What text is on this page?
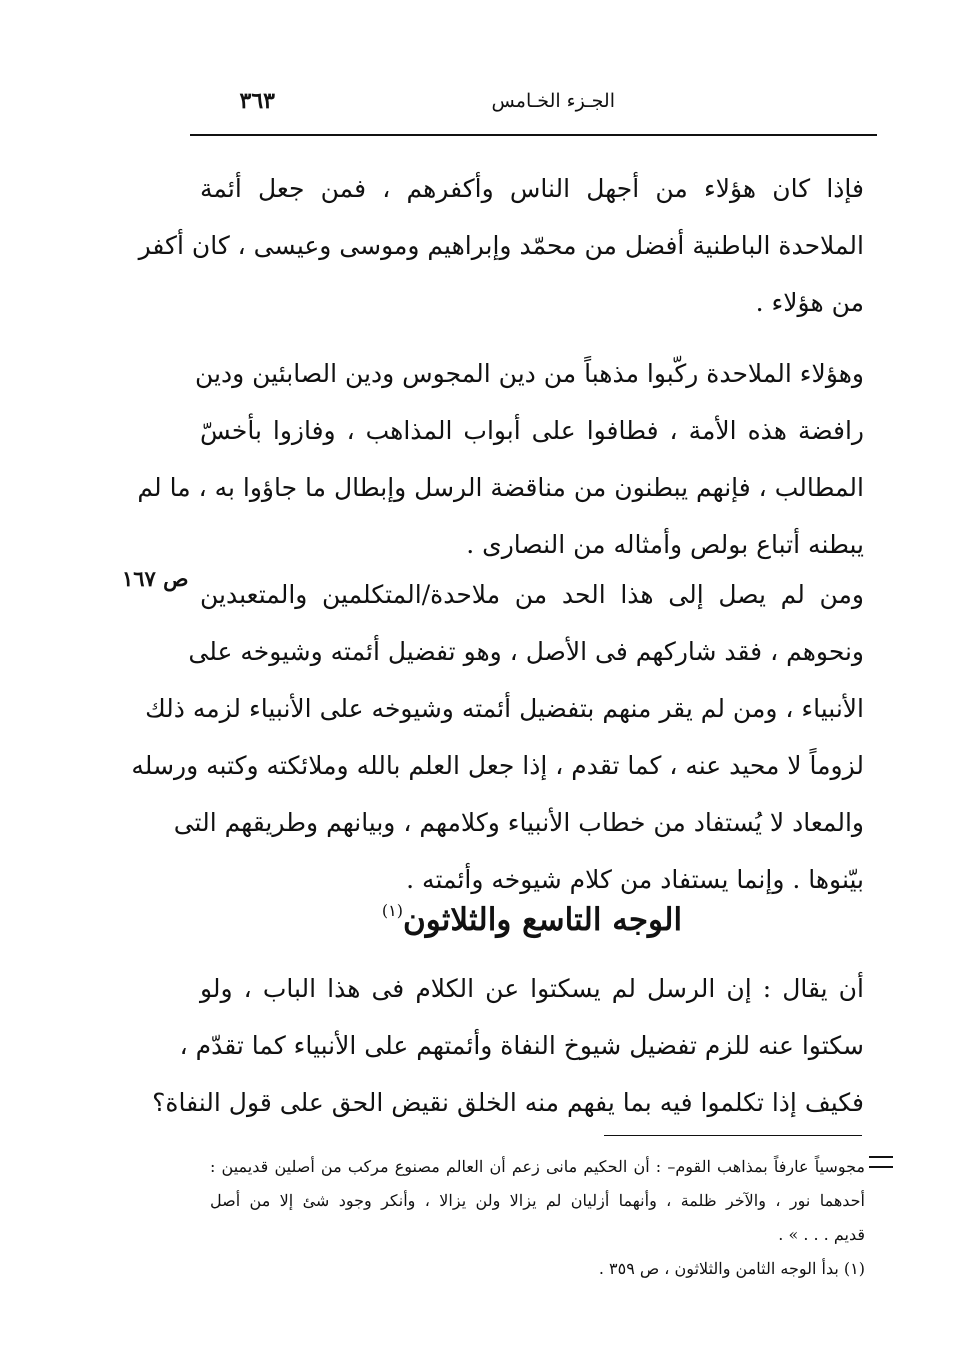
الجـزء الخـامس
٣٦٣

فإذا كان هؤلاء من أجهل الناس وأكفرهم ، فمن جعل أئمة
الملاحدة الباطنية أفضل من محمّد وإبراهيم وموسى وعيسى ، كان أكفر
من هؤلاء .

وهؤلاء الملاحدة ركّبوا مذهباً من دين المجوس ودين الصابئين ودين
رافضة هذه الأمة ، فطافوا على أبواب المذاهب ، وفازوا بأخسّ
المطالب ، فإنهم يبطنون من مناقضة الرسل وإبطال ما جاؤوا به ، ما لم
يبطنه أتباع بولص وأمثاله من النصارى .

ومن لم يصل إلى هذا الحد من ملاحدة/المتكلمين والمتعبدين
ونحوهم ، فقد شاركهم فى الأصل ، وهو تفضيل أئمته وشيوخه على
الأنبياء ، ومن لم يقر منهم بتفضيل أئمته وشيوخه على الأنبياء لزمه ذلك
لزوماً لا محيد عنه ، كما تقدم ، إذا جعل العلم بالله وملائكته وكتبه ورسله
والمعاد لا يُستفاد من خطاب الأنبياء وكلامهم ، وبيانهم وطريقهم التى
بيّنوها . وإنما يستفاد من كلام شيوخه وأئمته .

الوجه التاسع والثلاثون$^{(١)}$

أن يقال : إن الرسل لم يسكتوا عن الكلام فى هذا الباب ، ولو
سكتوا عنه للزم تفضيل شيوخ النفاة وأئمتهم على الأنبياء كما تقدّم ،
فكيف إذا تكلموا فيه بما يفهم منه الخلق نقيض الحق على قول النفاة؟

ص ١٦٧
مجوسياً عارفاً بمذاهب القوم– : أن الحكيم مانى زعم أن العالم مصنوع مركب من أصلين قديمين :
أحدهما نور ، والآخر ظلمة ، وأنهما أزليان لم يزالا ولن يزالا ، وأنكر وجود شئ إلا من أصل
قديم . . . » .
(١) بدأ الوجه الثامن والثلاثون ، ص ٣٥٩ .
